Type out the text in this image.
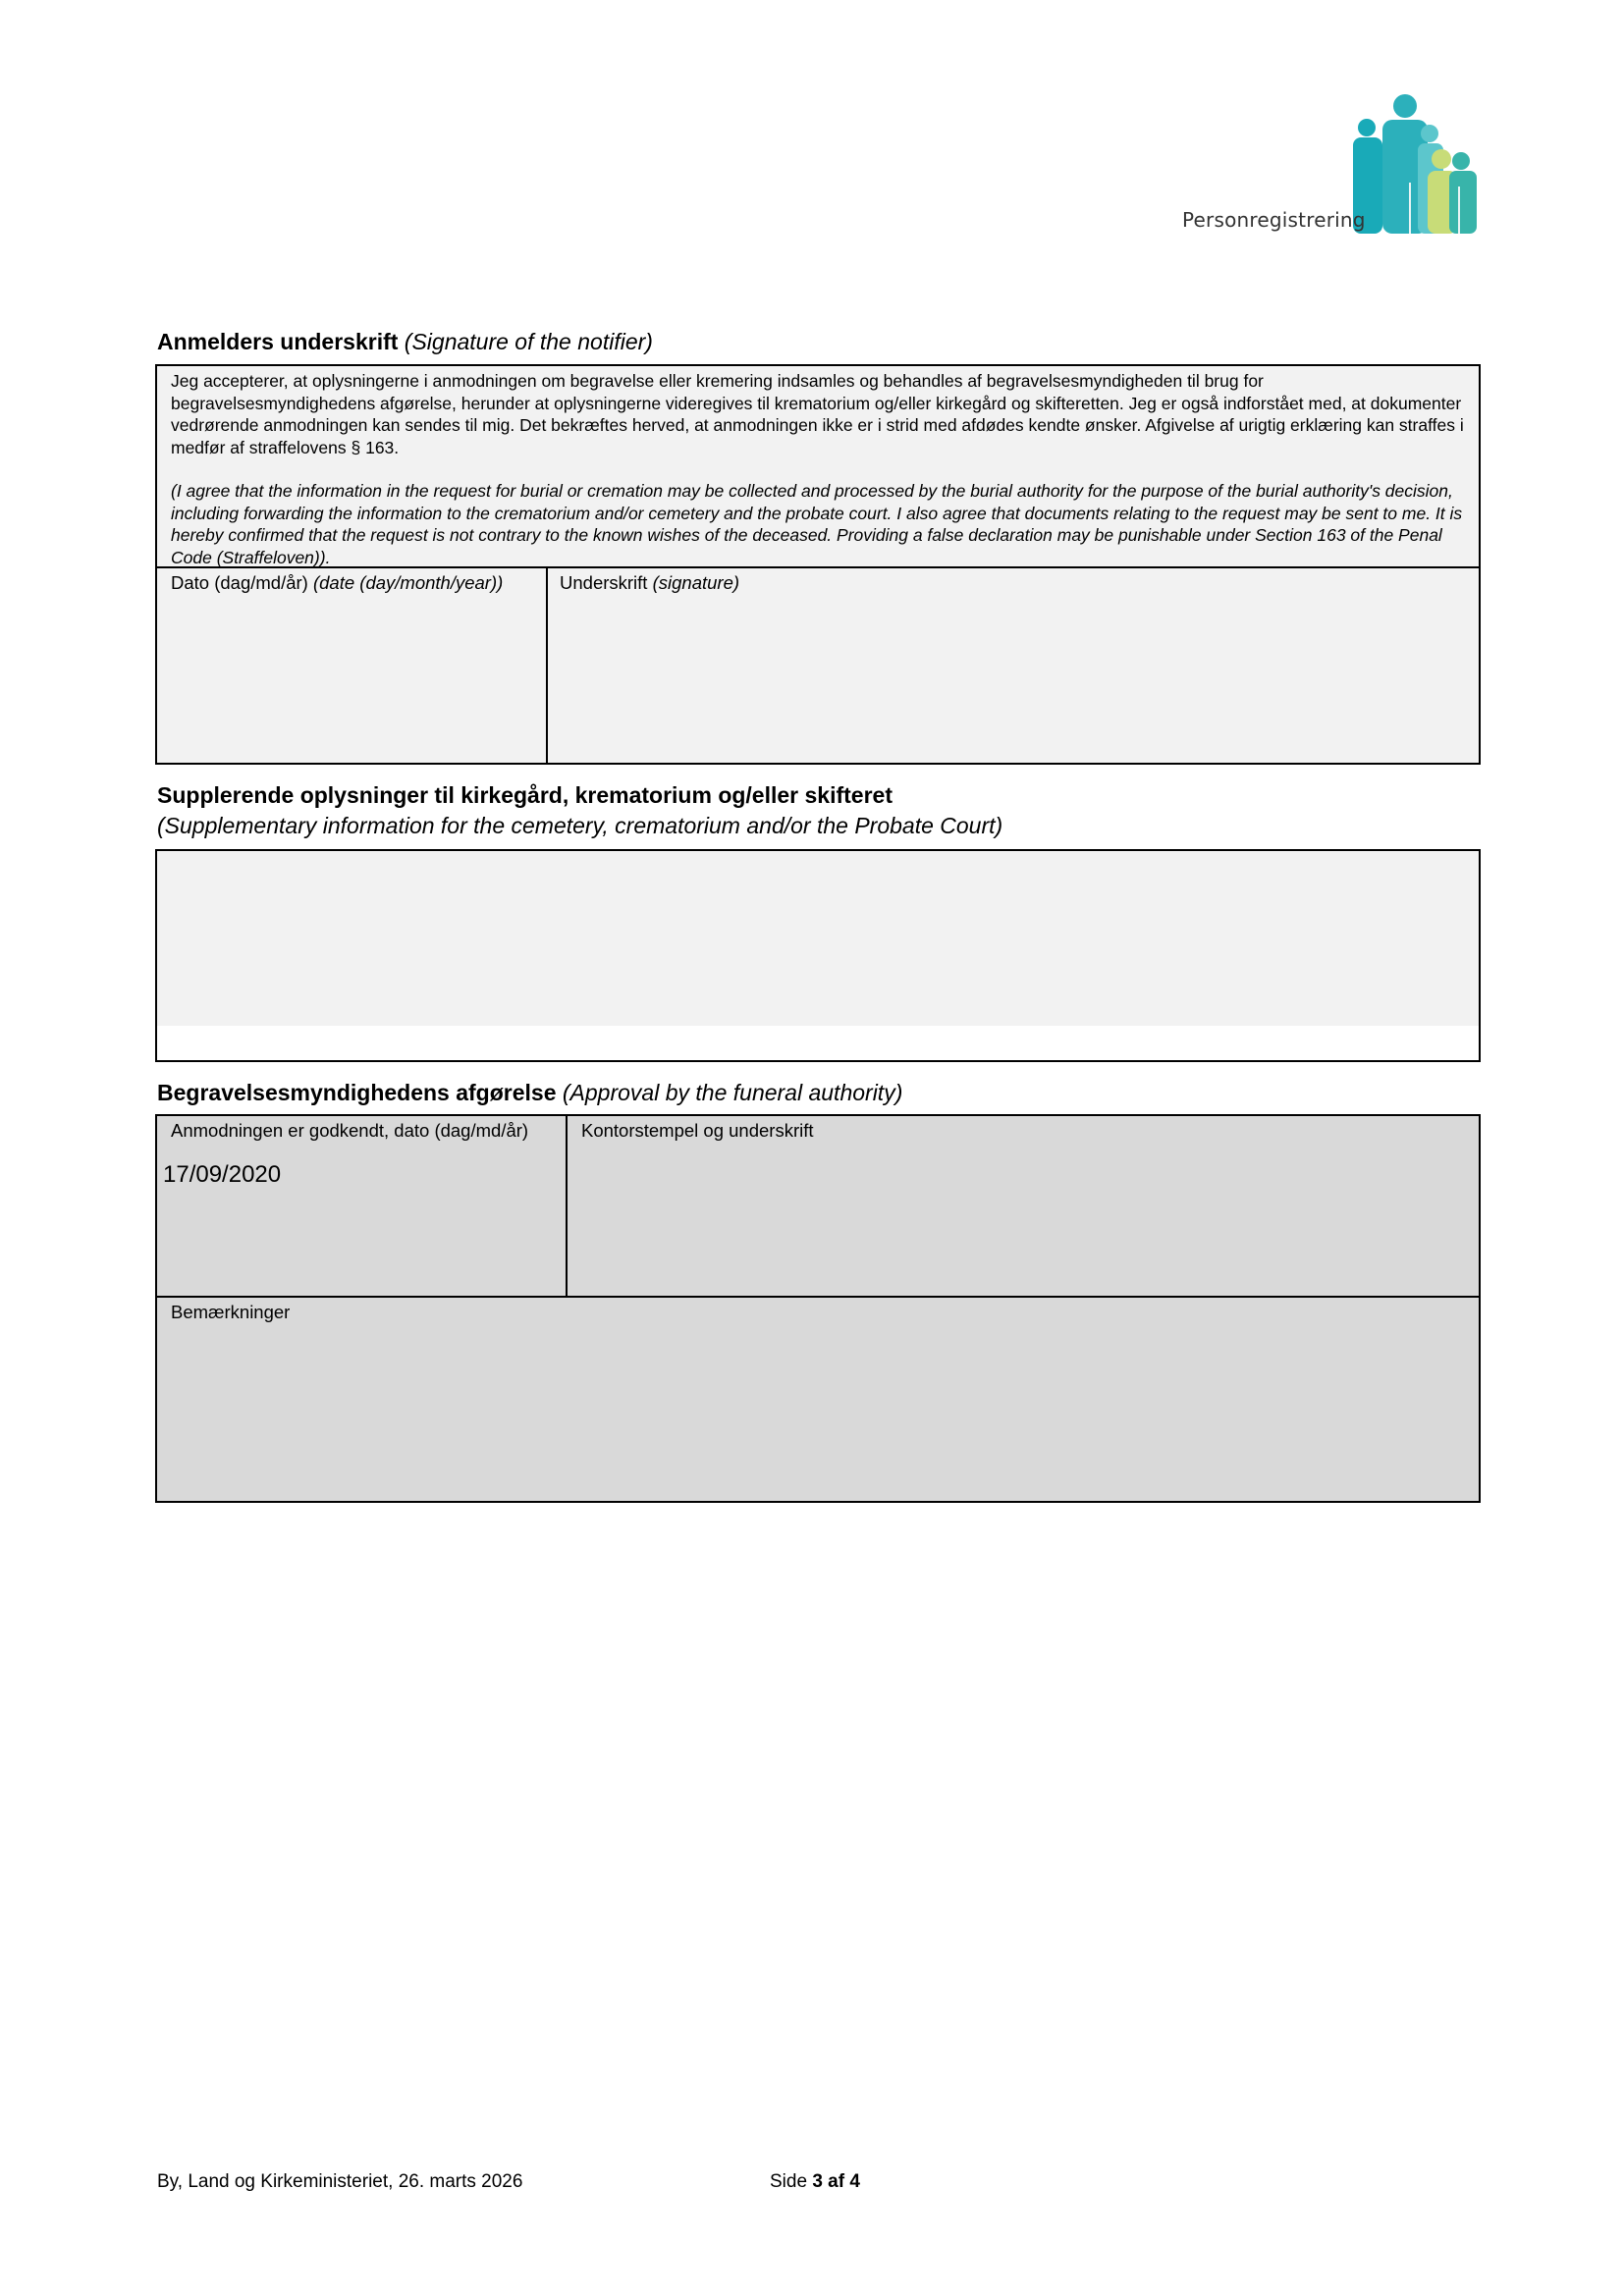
Personregistrering
Anmelders underskrift (Signature of the notifier)

Jeg accepterer, at oplysningerne i anmodningen om begravelse eller kremering indsamles og behandles af begravelsesmyndigheden til brug for begravelsesmyndighedens afgørelse, herunder at oplysningerne videregives til krematorium og/eller kirkegård og skifteretten. Jeg er også indforstået med, at dokumenter vedrørende anmodningen kan sendes til mig. Det bekræftes herved, at anmodningen ikke er i strid med afdødes kendte ønsker. Afgivelse af urigtig erklæring kan straffes i medfør af straffelovens § 163.

(I agree that the information in the request for burial or cremation may be collected and processed by the burial authority for the purpose of the burial authority's decision, including forwarding the information to the crematorium and/or cemetery and the probate court. I also agree that documents relating to the request may be sent to me. It is hereby confirmed that the request is not contrary to the known wishes of the deceased. Providing a false declaration may be punishable under Section 163 of the Penal Code (Straffeloven)).

Dato (dag/md/år) (date (day/month/year))	Underskrift (signature)
Supplerende oplysninger til kirkegård, krematorium og/eller skifteret
(Supplementary information for the cemetery, crematorium and/or the Probate Court)
Begravelsesmyndighedens afgørelse (Approval by the funeral authority)
Anmodningen er godkendt, dato (dag/md/år)
17/09/2020
Kontorstempel og underskrift
Bemærkninger
By, Land og Kirkeministeriet, 26. marts 2026	Side 3 af 4
